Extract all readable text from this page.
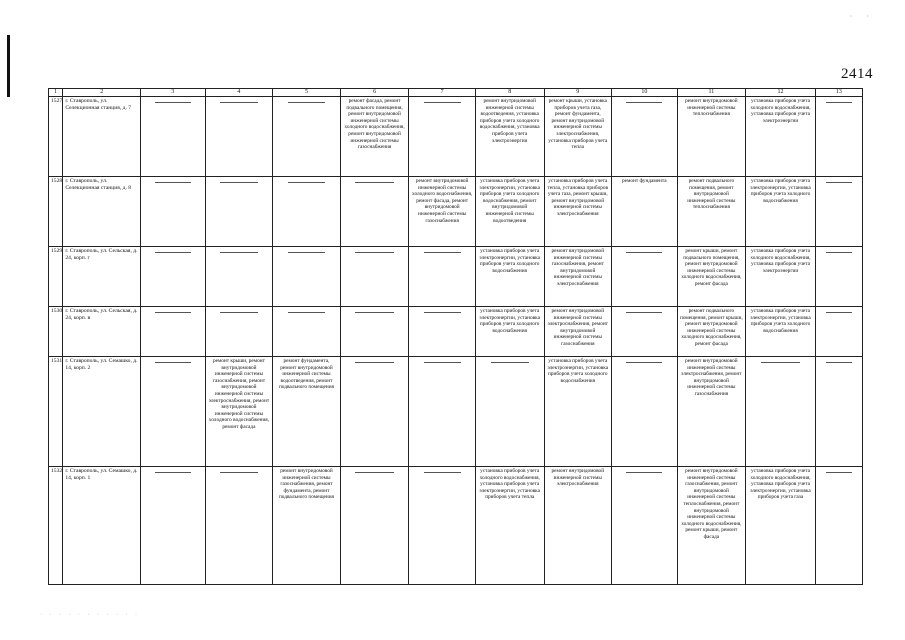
· ·
2414
1	2	3	4	5	6	7	8	9	10	11	12	13
1527	г. Ставрополь, ул. Селекционная станция, д. 7				ремонт фасада, ремонт подвального помещения, ремонт внутридомовой инженерной системы холодного водоснабжения, ремонт внутридомовой инженерной системы газоснабжения		ремонт внутридомовой инженерной системы водоотведения, установка приборов учета холодного водоснабжения, установка приборов учета электроэнергии	ремонт крыши, установка приборов учета газа, ремонт фундамента, ремонт внутридомовой инженерной системы электроснабжения, установка приборов учета тепла		ремонт внутридомовой инженерной системы теплоснабжения	установка приборов учета холодного водоснабжения, установка приборов учета электроэнергии	

1528	г. Ставрополь, ул. Селекционная станция, д. 8					ремонт внутридомовой инженерной системы холодного водоснабжения, ремонт фасада, ремонт внутридомовой инженерной системы газоснабжения	установка приборов учета электроэнергии, установка приборов учета холодного водоснабжения, ремонт внутридомовой инженерной системы водоотведения	установка приборов учета тепла, установка приборов учета газа, ремонт крыши, ремонт внутридомовой инженерной системы электроснабжения	ремонт фундамента	ремонт подвального помещения, ремонт внутридомовой инженерной системы теплоснабжения	установка приборов учета электроэнергии, установка приборов учета холодного водоснабжения	

1529	г. Ставрополь, ул. Сельская, д. 24, корп. г						установка приборов учета электроэнергии, установка приборов учета холодного водоснабжения	ремонт внутридомовой инженерной системы газоснабжения, ремонт внутридомовой инженерной системы электроснабжения		ремонт крыши, ремонт подвального помещения, ремонт внутридомовой инженерной системы холодного водоснабжения, ремонт фасада	установка приборов учета холодного водоснабжения, установка приборов учета электроэнергии	

1530	г. Ставрополь, ул. Сельская, д. 24, корп. в						установка приборов учета электроэнергии, установка приборов учета холодного водоснабжения	ремонт внутридомовой инженерной системы электроснабжения, ремонт внутридомовой инженерной системы газоснабжения		ремонт подвального помещения, ремонт крыши, ремонт внутридомовой инженерной системы холодного водоснабжения, ремонт фасада	установка приборов учета электроэнергии, установка приборов учета холодного водоснабжения	

1531	г. Ставрополь, ул. Семашко, д. 14, корп. 2		ремонт крыши, ремонт внутридомовой инженерной системы газоснабжения, ремонт внутридомовой инженерной системы электроснабжения, ремонт внутридомовой инженерной системы холодного водоснабжения, ремонт фасада	ремонт фундамента, ремонт внутридомовой инженерной системы водоотведения, ремонт подвального помещения				установка приборов учета электроэнергии, установка приборов учета холодного водоснабжения		ремонт внутридомовой инженерной системы электроснабжения, ремонт внутридомовой инженерной системы газоснабжения	

1532	г. Ставрополь, ул. Семашко, д. 14, корп. 1			ремонт внутридомовой инженерной системы газоснабжения, ремонт фундамента, ремонт подвального помещения			установка приборов учета холодного водоснабжения, установка приборов учета электроэнергии, установка приборов учета тепла	ремонт внутридомовой инженерной системы электроснабжения		ремонт внутридомовой инженерной системы газоснабжения, ремонт внутридомовой инженерной системы теплоснабжения, ремонт внутридомовой инженерной системы холодного водоснабжения, ремонт крыши, ремонт фасада	установка приборов учета холодного водоснабжения, установка приборов учета электроэнергии, установка приборов учета газа	
· · · · · · · · · · ·
